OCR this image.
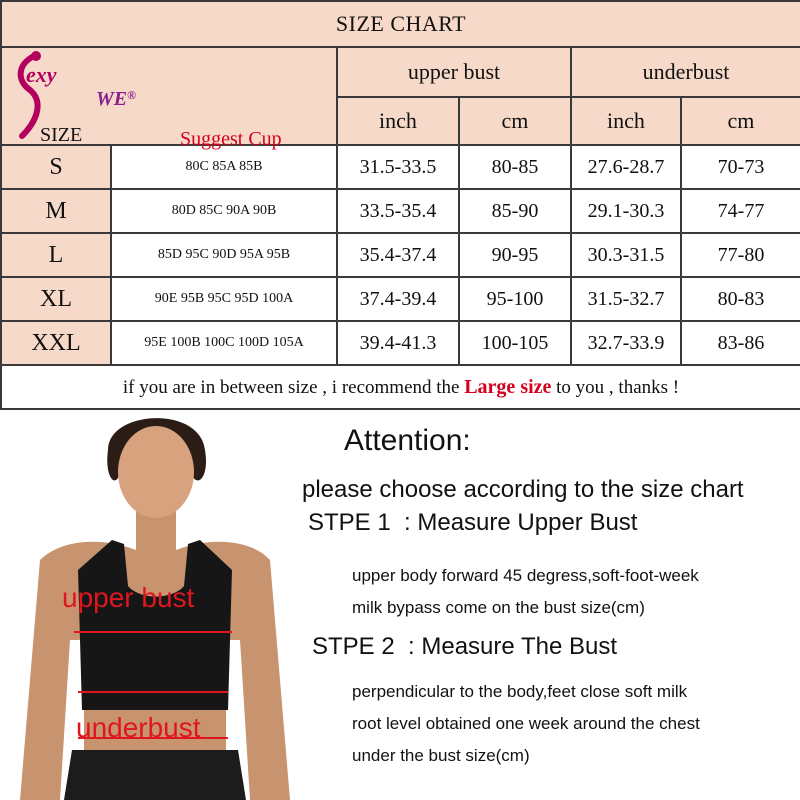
SIZE CHART					

exy
WE®
SIZE Suggest Cup		upper bust		underbust	
		inch	cm	inch	cm
S	80C 85A 85B	31.5-33.5	80-85	27.6-28.7	70-73
M	80D 85C 90A 90B	33.5-35.4	85-90	29.1-30.3	74-77
L	85D 95C 90D 95A 95B	35.4-37.4	90-95	30.3-31.5	77-80
XL	90E 95B 95C 95D 100A	37.4-39.4	95-100	31.5-32.7	80-83
XXL	95E 100B 100C 100D 105A	39.4-41.3	100-105	32.7-33.9	83-86
if you are in between size , i recommend the Large size to you , thanks !					
upper bust
underbust
Attention:
please choose according to the size chart
STPE 1  : Measure Upper Bust
upper body forward 45 degress,soft-foot-week
milk bypass come on the bust size(cm)
STPE 2  : Measure The Bust
perpendicular to the body,feet close soft milk
root level obtained one week around the chest
under the bust size(cm)
